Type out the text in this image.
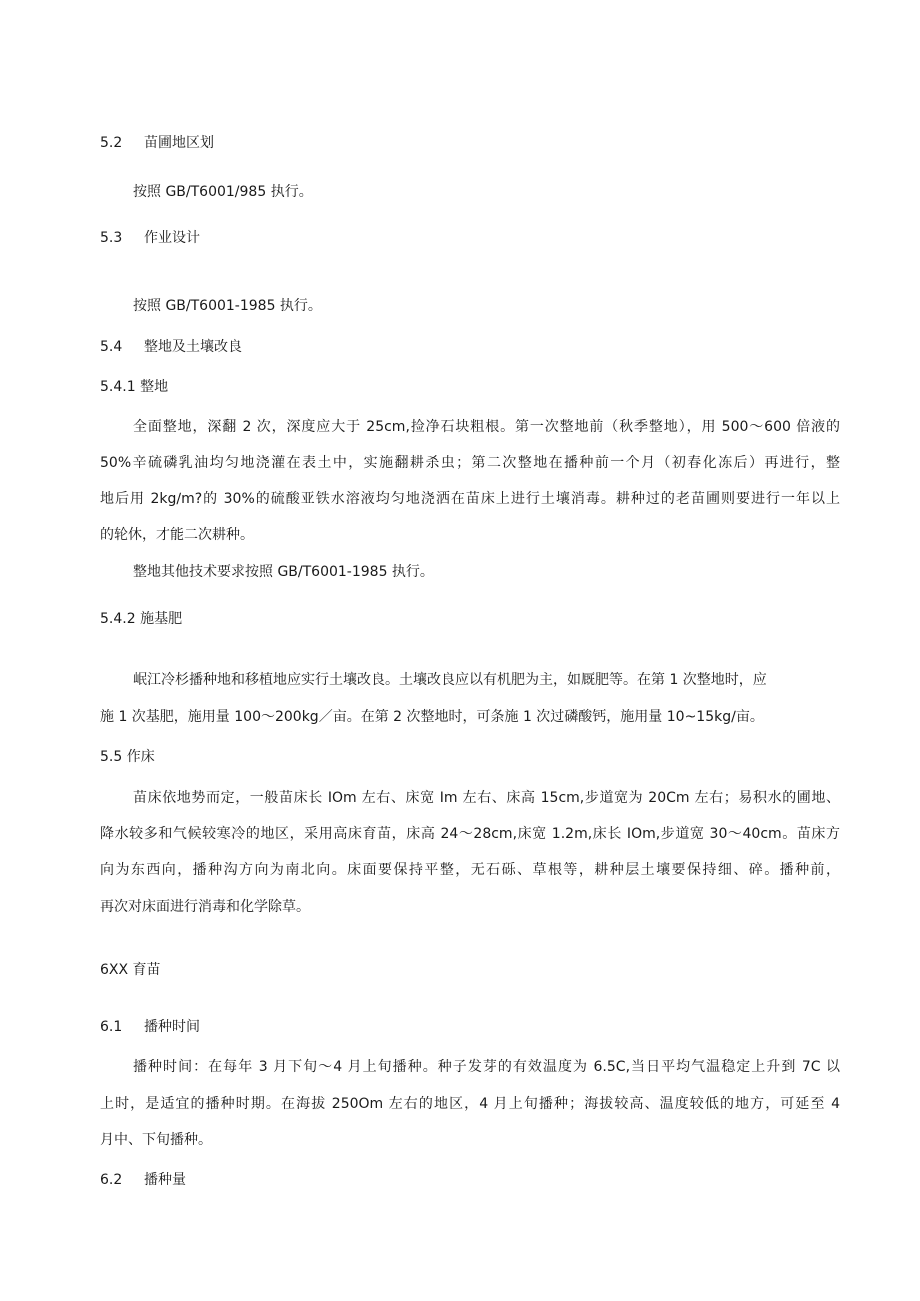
5.2 苗圃地区划
按照 GB/T6001/985 执行。
5.3 作业设计
按照 GB/T6001-1985 执行。
5.4 整地及土壤改良
5.4.1 整地
全面整地，深翻 2 次，深度应大于 25cm,捡净石块粗根。第一次整地前（秋季整地），用 500～600 倍液的
50%辛硫磷乳油均匀地浇灌在表土中，实施翻耕杀虫；第二次整地在播种前一个月（初春化冻后）再进行，整
地后用 2kg∕m?的 30%的硫酸亚铁水溶液均匀地浇洒在苗床上进行土壤消毒。耕种过的老苗圃则要进行一年以上
的轮休，才能二次耕种。
整地其他技术要求按照 GB/T6001-1985 执行。
5.4.2 施基肥
岷江冷杉播种地和移植地应实行土壤改良。土壤改良应以有机肥为主，如厩肥等。在第 1 次整地时，应
施 1 次基肥，施用量 100～200kg／亩。在第 2 次整地时，可条施 1 次过磷酸钙，施用量 10~15kg∕亩。
5.5 作床
苗床依地势而定，一般苗床长 IOm 左右、床宽 Im 左右、床高 15cm,步道宽为 20Cm 左右；易积水的圃地、
降水较多和气候较寒冷的地区，采用高床育苗，床高 24～28cm,床宽 1.2m,床长 IOm,步道宽 30～40cm。苗床方
向为东西向，播种沟方向为南北向。床面要保持平整，无石砾、草根等，耕种层土壤要保持细、碎。播种前，
再次对床面进行消毒和化学除草。
6XX 育苗
6.1 播种时间
播种时间：在每年 3 月下旬～4 月上旬播种。种子发芽的有效温度为 6.5C,当日平均气温稳定上升到 7C 以
上时，是适宜的播种时期。在海拔 250Om 左右的地区，4 月上旬播种；海拔较高、温度较低的地方，可延至 4
月中、下旬播种。
6.2 播种量
